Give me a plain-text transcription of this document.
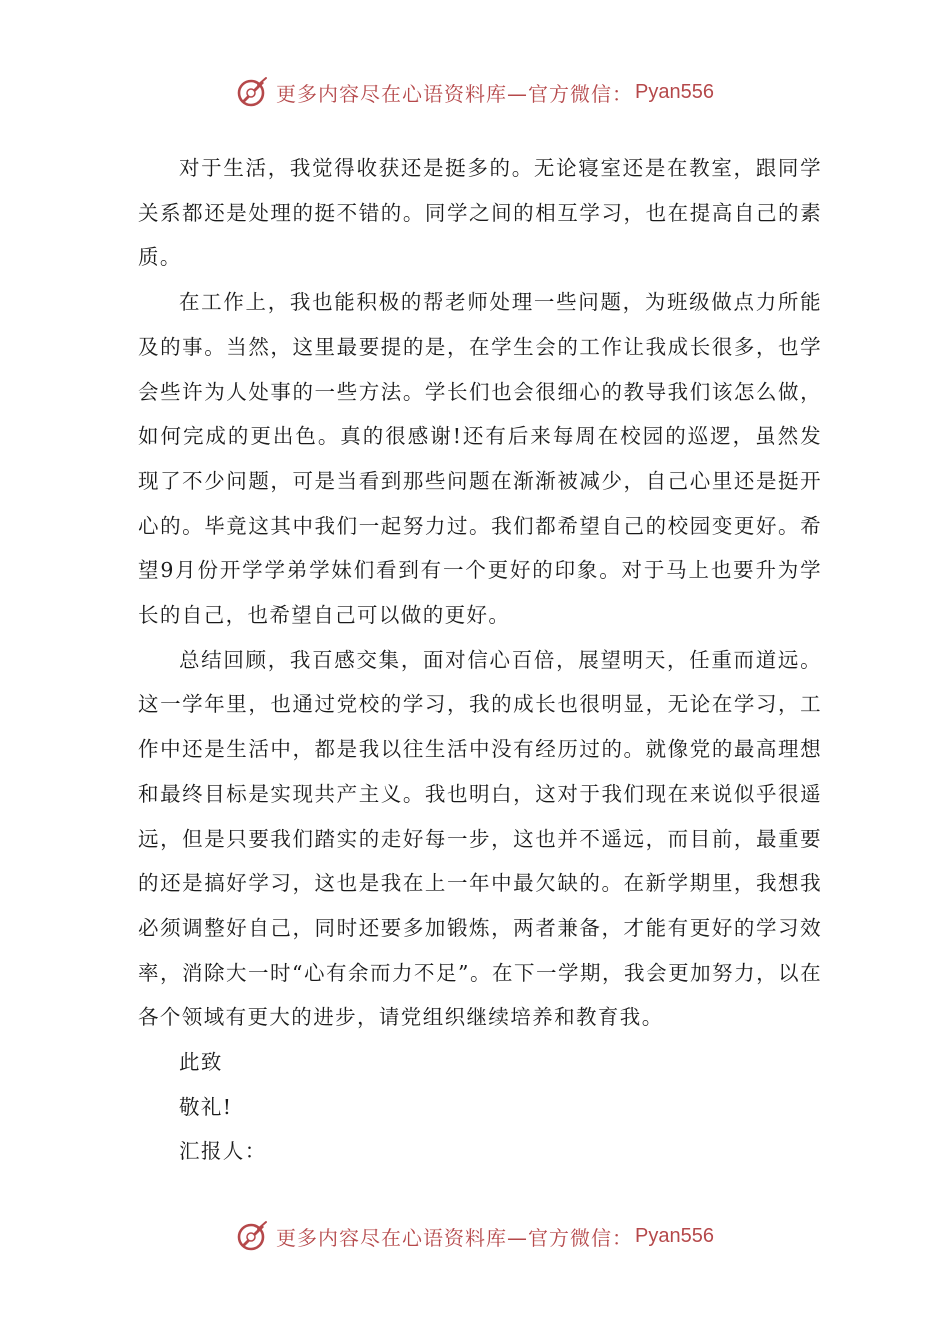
更多内容尽在心语资料库—官方微信： Pyan556

对于生活，我觉得收获还是挺多的。无论寝室还是在教室，跟同学关系都还是处理的挺不错的。同学之间的相互学习，也在提高自己的素质。

在工作上，我也能积极的帮老师处理一些问题，为班级做点力所能及的事。当然，这里最要提的是，在学生会的工作让我成长很多，也学会些许为人处事的一些方法。学长们也会很细心的教导我们该怎么做，如何完成的更出色。真的很感谢!还有后来每周在校园的巡逻，虽然发现了不少问题，可是当看到那些问题在渐渐被减少，自己心里还是挺开心的。毕竟这其中我们一起努力过。我们都希望自己的校园变更好。希望9月份开学学弟学妹们看到有一个更好的印象。对于马上也要升为学长的自己，也希望自己可以做的更好。

总结回顾，我百感交集，面对信心百倍，展望明天，任重而道远。这一学年里，也通过党校的学习，我的成长也很明显，无论在学习，工作中还是生活中，都是我以往生活中没有经历过的。就像党的最高理想和最终目标是实现共产主义。我也明白，这对于我们现在来说似乎很遥远，但是只要我们踏实的走好每一步，这也并不遥远，而目前，最重要的还是搞好学习，这也是我在上一年中最欠缺的。在新学期里，我想我必须调整好自己，同时还要多加锻炼，两者兼备，才能有更好的学习效率，消除大一时“心有余而力不足”。在下一学期，我会更加努力，以在各个领域有更大的进步，请党组织继续培养和教育我。

此致

敬礼!

汇报人：

更多内容尽在心语资料库—官方微信： Pyan556
